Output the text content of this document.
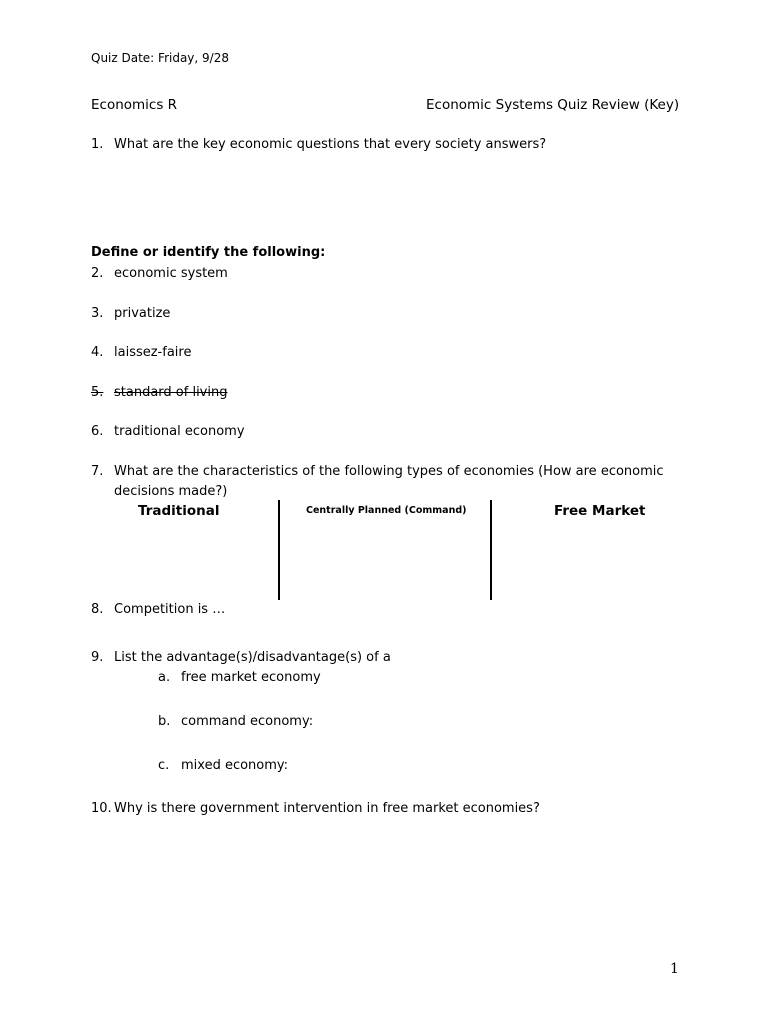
Quiz Date: Friday, 9/28
Economics R	Economic Systems Quiz Review (Key)
1. What are the key economic questions that every society answers?
Define or identify the following:
2. economic system
3. privatize
4. laissez-faire
5. standard of living
6. traditional economy
7. What are the characteristics of the following types of economies (How are economic
decisions made?)
Traditional	Centrally Planned (Command)	Free Market
8. Competition is …
9. List the advantage(s)/disadvantage(s) of a
a. free market economy
b. command economy:
c. mixed economy:
10. Why is there government intervention in free market economies?
1
